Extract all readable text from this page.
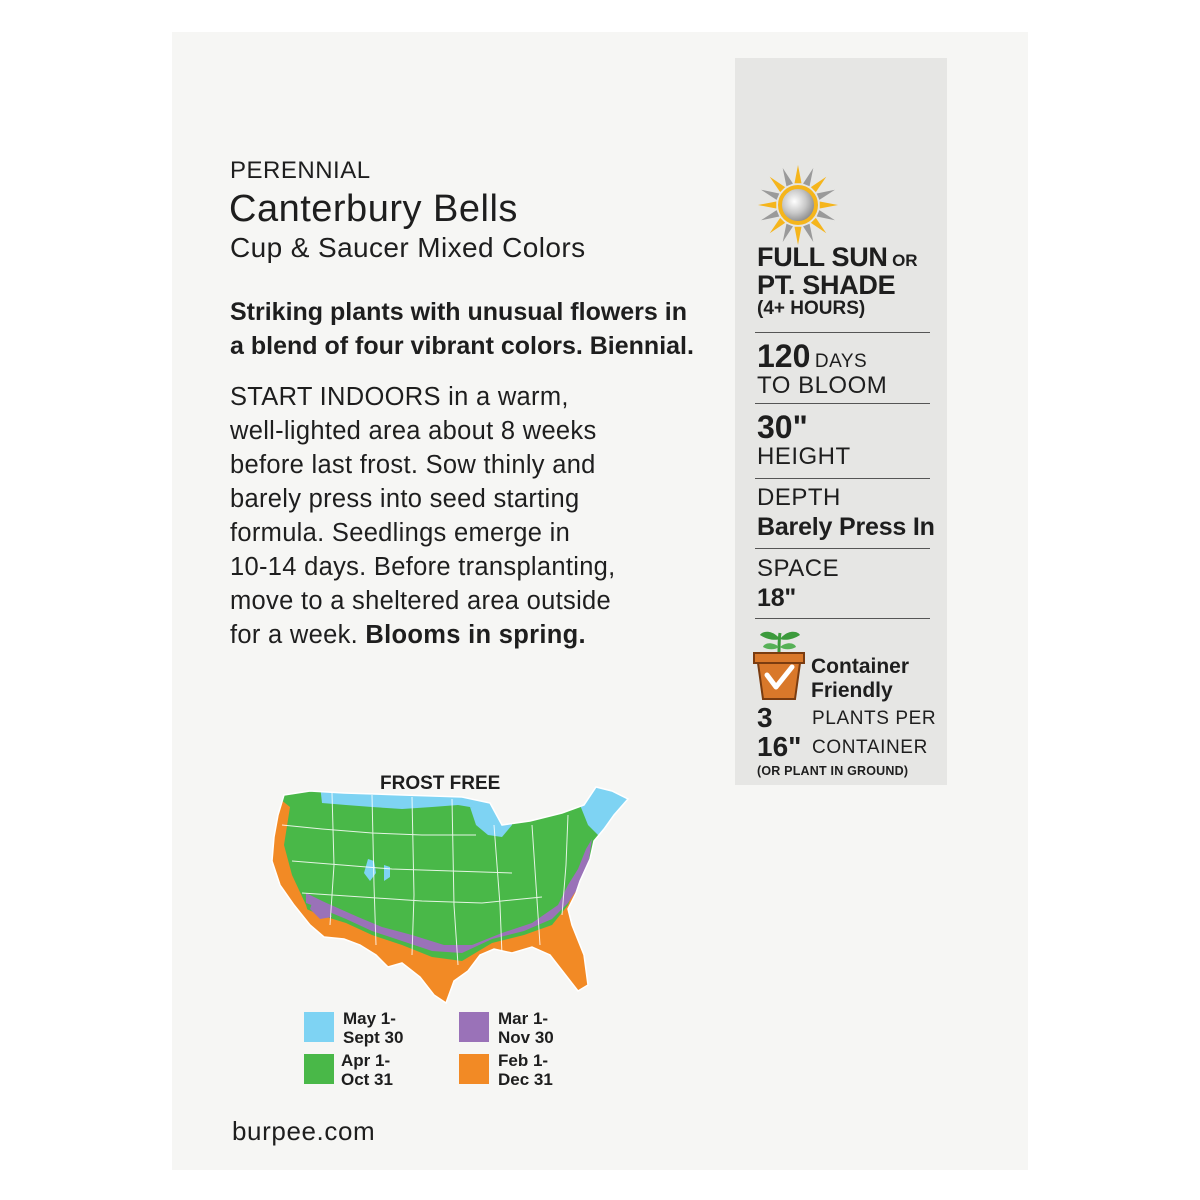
PERENNIAL
Canterbury Bells
Cup & Saucer Mixed Colors
Striking plants with unusual flowers in
a blend of four vibrant colors. Biennial.
START INDOORS in a warm,
well-lighted area about 8 weeks
before last frost. Sow thinly and
barely press into seed starting
formula. Seedlings emerge in
10-14 days. Before transplanting,
move to a sheltered area outside
for a week. Blooms in spring.
FULL SUN OR
PT. SHADE
(4+ HOURS)
120 DAYS
TO BLOOM
30"
HEIGHT
DEPTH
Barely Press In
SPACE
18"
Container
Friendly
3 PLANTS PER
16" CONTAINER
(OR PLANT IN GROUND)
FROST FREE
May 1-
Sept 30
Mar 1-
Nov 30
Apr 1-
Oct 31
Feb 1-
Dec 31
burpee.com
